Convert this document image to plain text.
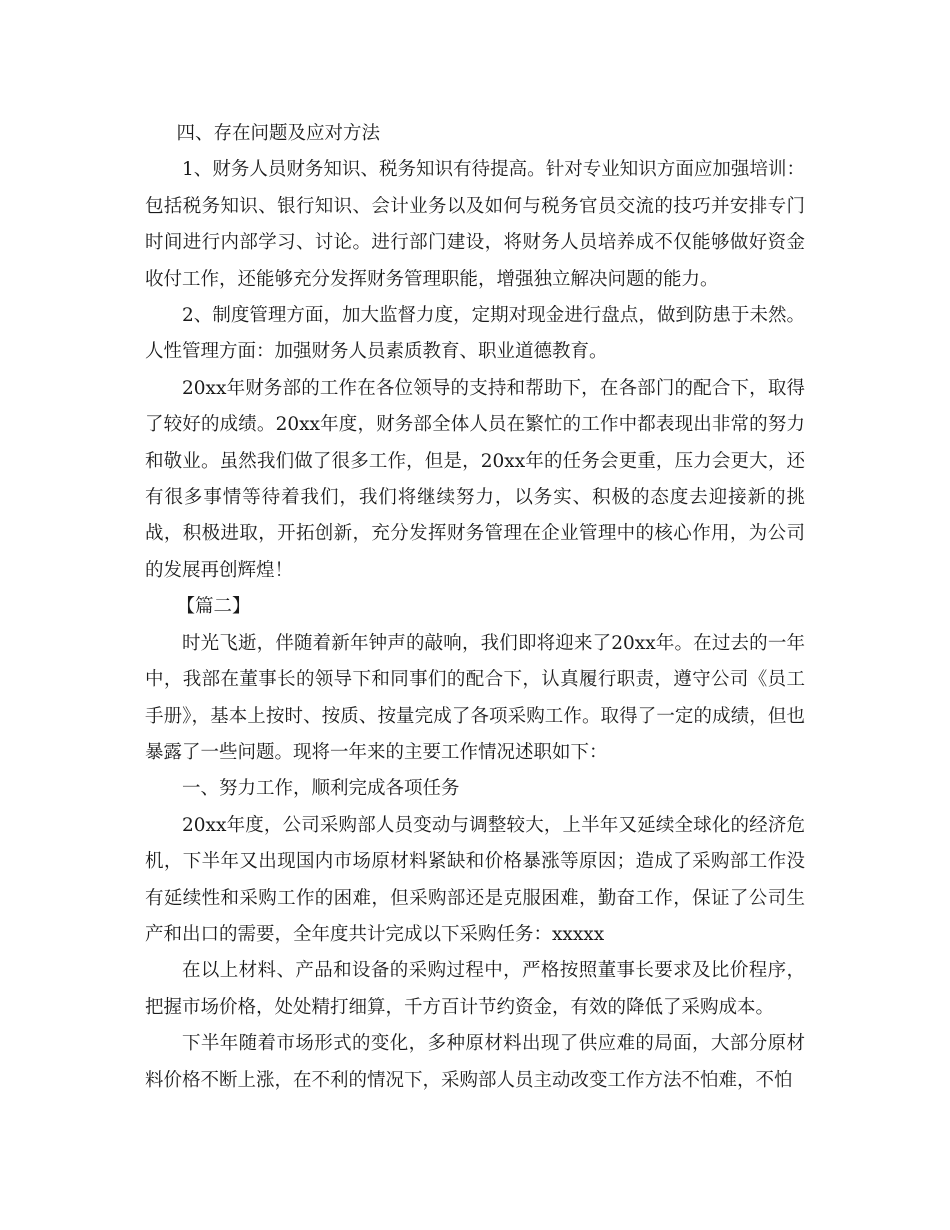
四、存在问题及应对方法

1、财务人员财务知识、税务知识有待提高。针对专业知识方面应加强培训：包括税务知识、银行知识、会计业务以及如何与税务官员交流的技巧并安排专门时间进行内部学习、讨论。进行部门建设，将财务人员培养成不仅能够做好资金收付工作，还能够充分发挥财务管理职能，增强独立解决问题的能力。

2、制度管理方面，加大监督力度，定期对现金进行盘点，做到防患于未然。人性管理方面：加强财务人员素质教育、职业道德教育。

20xx年财务部的工作在各位领导的支持和帮助下，在各部门的配合下，取得了较好的成绩。20xx年度，财务部全体人员在繁忙的工作中都表现出非常的努力和敬业。虽然我们做了很多工作，但是，20xx年的任务会更重，压力会更大，还有很多事情等待着我们，我们将继续努力，以务实、积极的态度去迎接新的挑战，积极进取，开拓创新，充分发挥财务管理在企业管理中的核心作用，为公司的发展再创辉煌！

【篇二】

时光飞逝，伴随着新年钟声的敲响，我们即将迎来了20xx年。在过去的一年中，我部在董事长的领导下和同事们的配合下，认真履行职责，遵守公司《员工手册》，基本上按时、按质、按量完成了各项采购工作。取得了一定的成绩，但也暴露了一些问题。现将一年来的主要工作情况述职如下：

一、努力工作，顺利完成各项任务

20xx年度，公司采购部人员变动与调整较大，上半年又延续全球化的经济危机，下半年又出现国内市场原材料紧缺和价格暴涨等原因；造成了采购部工作没有延续性和采购工作的困难，但采购部还是克服困难，勤奋工作，保证了公司生产和出口的需要，全年度共计完成以下采购任务：xxxxx

在以上材料、产品和设备的采购过程中，严格按照董事长要求及比价程序，把握市场价格，处处精打细算，千方百计节约资金，有效的降低了采购成本。

下半年随着市场形式的变化，多种原材料出现了供应难的局面，大部分原材料价格不断上涨，在不利的情况下，采购部人员主动改变工作方法不怕难，不怕
